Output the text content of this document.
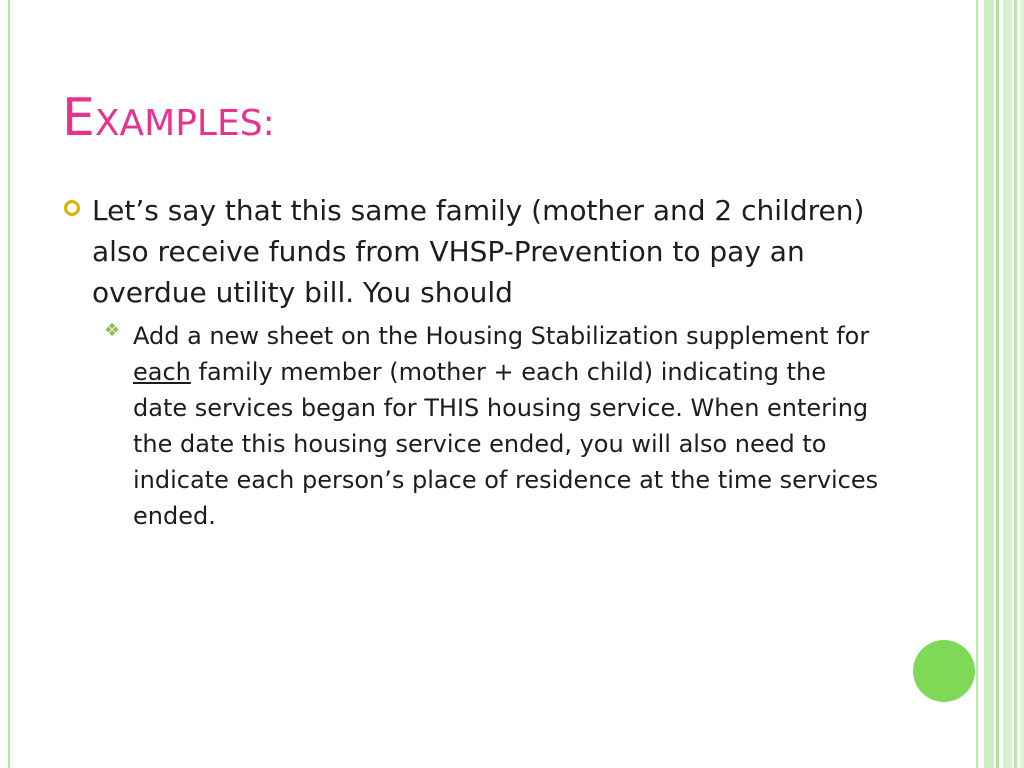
EXAMPLES:
Let’s say that this same family (mother and 2 children) also receive funds from VHSP-Prevention to pay an overdue utility bill. You should
❖ Add a new sheet on the Housing Stabilization supplement for each family member (mother + each child) indicating the date services began for THIS housing service. When entering the date this housing service ended, you will also need to indicate each person’s place of residence at the time services ended.
